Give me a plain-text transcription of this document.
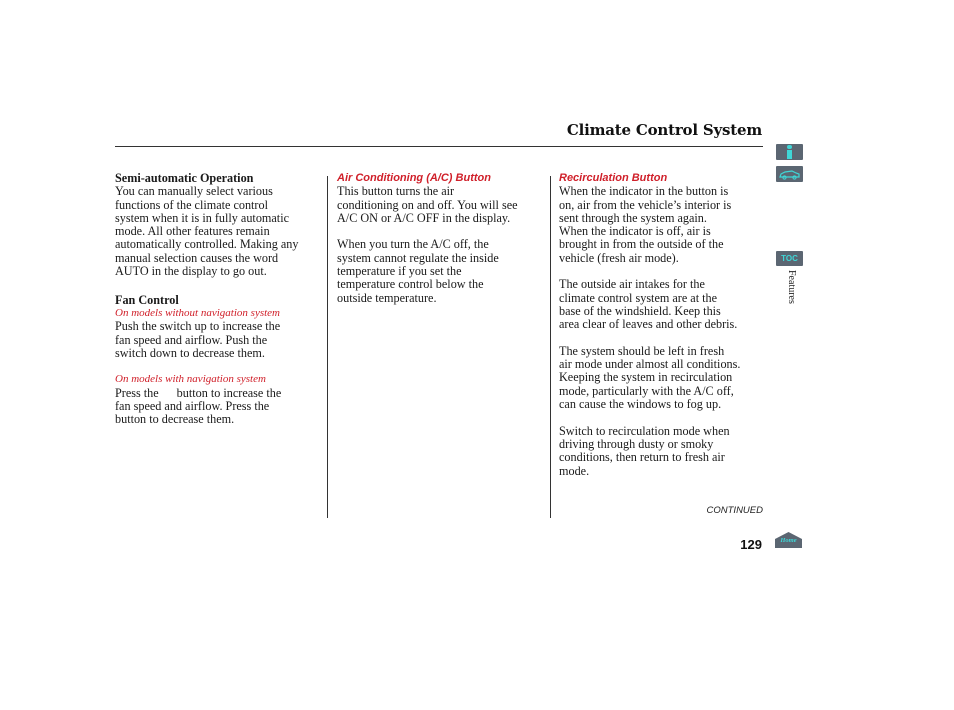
Climate Control System
Semi-automatic Operation

You can manually select various
functions of the climate control
system when it is in fully automatic
mode. All other features remain
automatically controlled. Making any
manual selection causes the word
AUTO in the display to go out.

Fan Control
On models without navigation system

Push the switch up to increase the
fan speed and airflow. Push the
switch down to decrease them.

On models with navigation system

Press the button to increase the
fan speed and airflow. Press the
button to decrease them.

Air Conditioning (A/C) Button

This button turns the air
conditioning on and off. You will see
A/C ON or A/C OFF in the display.

When you turn the A/C off, the
system cannot regulate the inside
temperature if you set the
temperature control below the
outside temperature.

Recirculation Button

When the indicator in the button is
on, air from the vehicle’s interior is
sent through the system again.
When the indicator is off, air is
brought in from the outside of the
vehicle (fresh air mode).

The outside air intakes for the
climate control system are at the
base of the windshield. Keep this
area clear of leaves and other debris.

The system should be left in fresh
air mode under almost all conditions.
Keeping the system in recirculation
mode, particularly with the A/C off,
can cause the windows to fog up.

Switch to recirculation mode when
driving through dusty or smoky
conditions, then return to fresh air
mode.

CONTINUED
129
TOC
Features
Home
